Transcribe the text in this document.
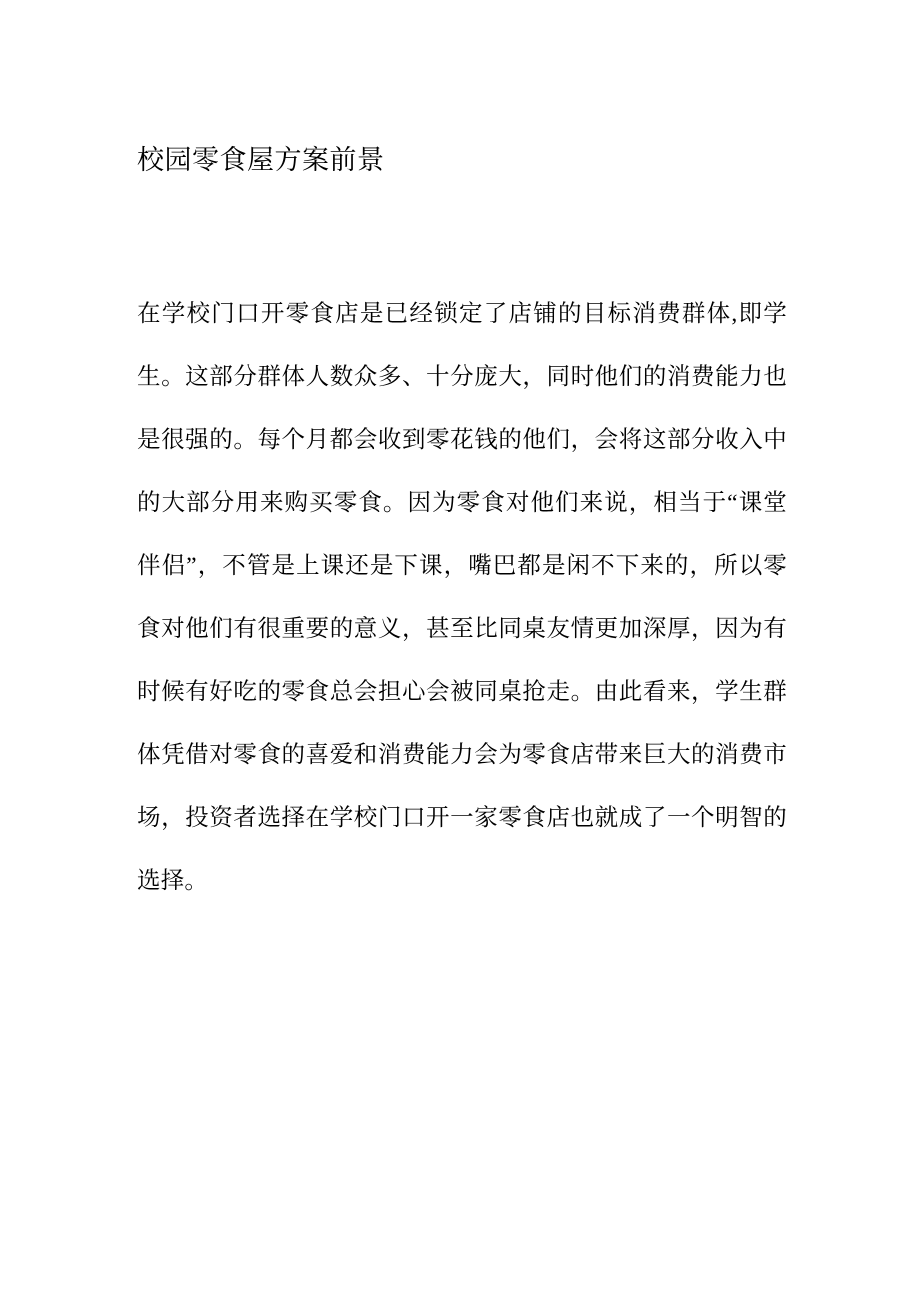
校园零食屋方案前景

在学校门口开零食店是已经锁定了店铺的目标消费群体,即学生。这部分群体人数众多、十分庞大，同时他们的消费能力也是很强的。每个月都会收到零花钱的他们，会将这部分收入中的大部分用来购买零食。因为零食对他们来说，相当于“课堂伴侣”，不管是上课还是下课，嘴巴都是闲不下来的，所以零食对他们有很重要的意义，甚至比同桌友情更加深厚，因为有时候有好吃的零食总会担心会被同桌抢走。由此看来，学生群体凭借对零食的喜爱和消费能力会为零食店带来巨大的消费市场，投资者选择在学校门口开一家零食店也就成了一个明智的选择。
